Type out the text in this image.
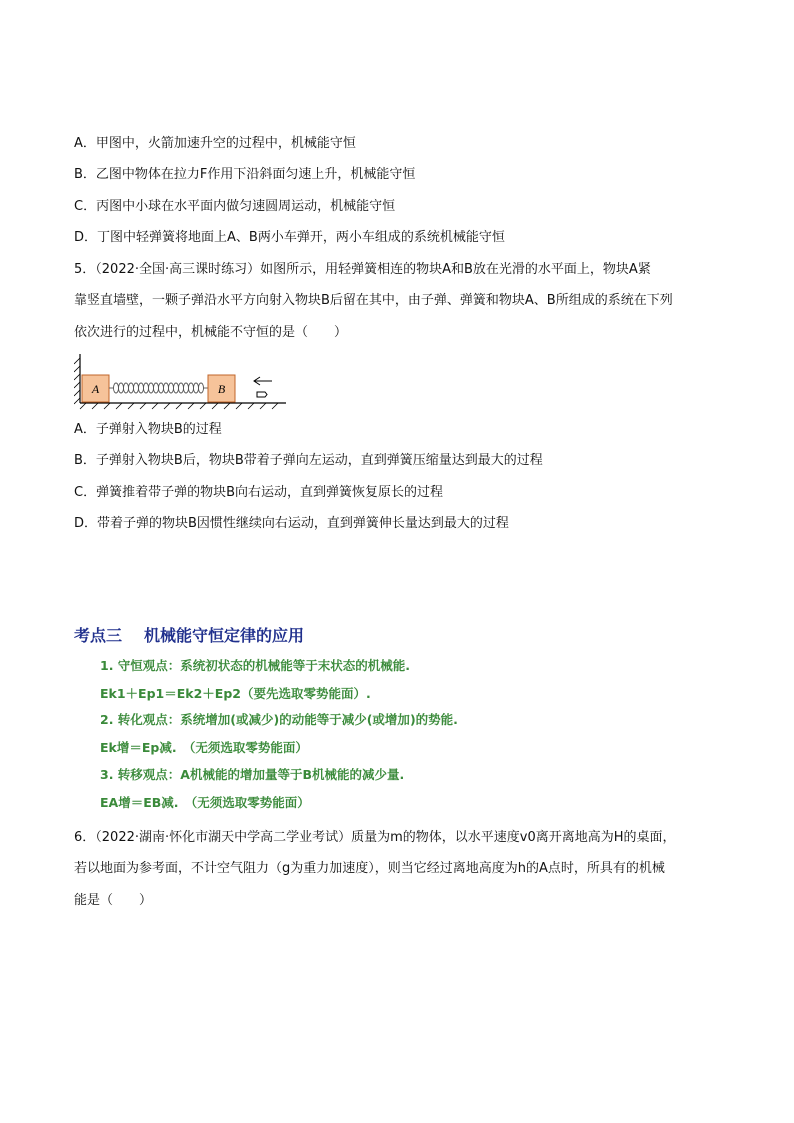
A．甲图中，火箭加速升空的过程中，机械能守恒
B．乙图中物体在拉力F作用下沿斜面匀速上升，机械能守恒
C．丙图中小球在水平面内做匀速圆周运动，机械能守恒
D．丁图中轻弹簧将地面上A、B两小车弹开，两小车组成的系统机械能守恒
5．（2022·全国·高三课时练习）如图所示，用轻弹簧相连的物块A和B放在光滑的水平面上，物块A紧
靠竖直墙壁，一颗子弹沿水平方向射入物块B后留在其中，由子弹、弹簧和物块A、B所组成的系统在下列
依次进行的过程中，机械能不守恒的是（　　）
A	B
A．子弹射入物块B的过程
B．子弹射入物块B后，物块B带着子弹向左运动，直到弹簧压缩量达到最大的过程
C．弹簧推着带子弹的物块B向右运动，直到弹簧恢复原长的过程
D．带着子弹的物块B因惯性继续向右运动，直到弹簧伸长量达到最大的过程
考点三 机械能守恒定律的应用
1. 守恒观点：系统初状态的机械能等于末状态的机械能.
Ek1＋Ep1＝Ek2＋Ep2（要先选取零势能面）.
2. 转化观点：系统增加(或减少)的动能等于减少(或增加)的势能.
Ek增＝Ep减.　（无须选取零势能面）
3. 转移观点：A机械能的增加量等于B机械能的减少量.
EA增＝EB减.　（无须选取零势能面）
6．（2022·湖南·怀化市湖天中学高二学业考试）质量为m的物体，以水平速度v0离开离地高为H的桌面，
若以地面为参考面，不计空气阻力（g为重力加速度），则当它经过离地高度为h的A点时，所具有的机械
能是（　　）
